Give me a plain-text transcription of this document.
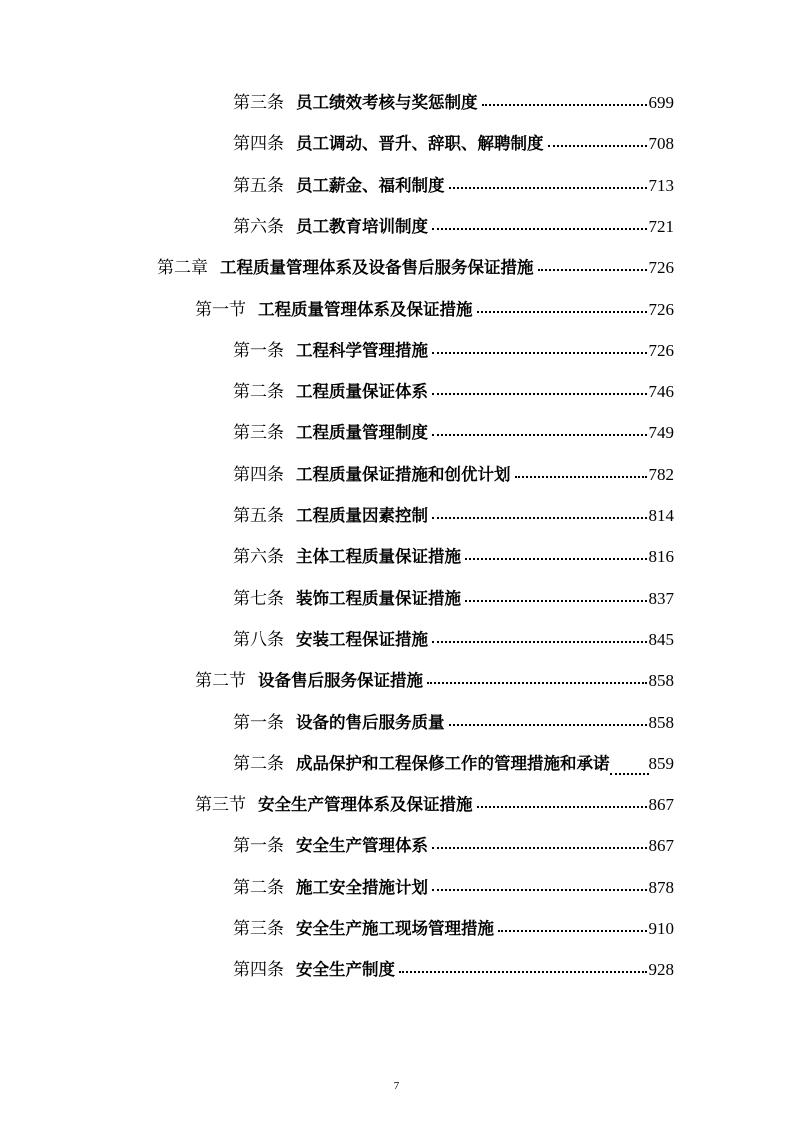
第三条 员工绩效考核与奖惩制度	699
第四条 员工调动、晋升、辞职、解聘制度	708
第五条 员工薪金、福利制度	713
第六条 员工教育培训制度	721
第二章 工程质量管理体系及设备售后服务保证措施	726
第一节 工程质量管理体系及保证措施	726
第一条 工程科学管理措施	726
第二条 工程质量保证体系	746
第三条 工程质量管理制度	749
第四条 工程质量保证措施和创优计划	782
第五条 工程质量因素控制	814
第六条 主体工程质量保证措施	816
第七条 装饰工程质量保证措施	837
第八条 安装工程保证措施	845
第二节 设备售后服务保证措施	858
第一条 设备的售后服务质量	858
第二条 成品保护和工程保修工作的管理措施和承诺 859
第三节 安全生产管理体系及保证措施	867
第一条 安全生产管理体系	867
第二条 施工安全措施计划	878
第三条 安全生产施工现场管理措施	910
第四条 安全生产制度	928
7
